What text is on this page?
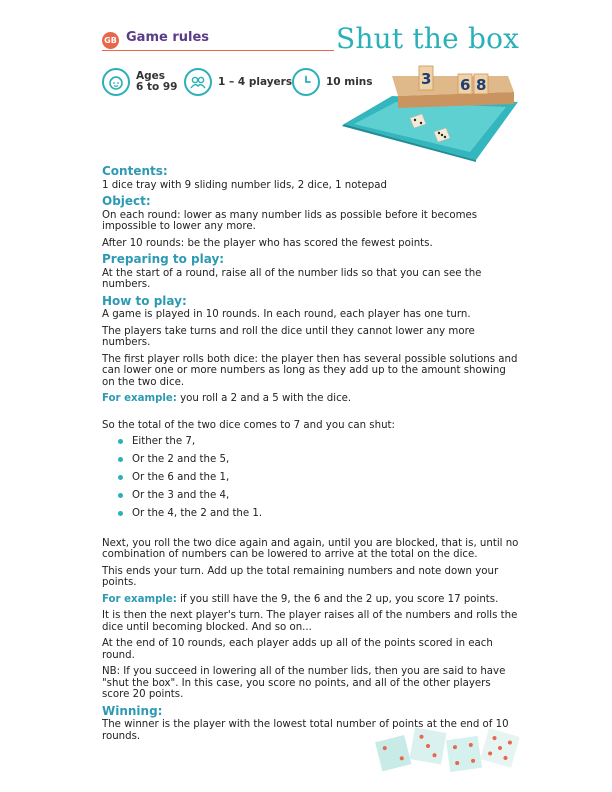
GB Game rules	Shut the box
Ages
6 to 99	1 – 4 players	10 mins	3 6 8
Contents:

1 dice tray with 9 sliding number lids, 2 dice, 1 notepad

Object:

On each round: lower as many number lids as possible before it becomes impossible to lower any more.

After 10 rounds: be the player who has scored the fewest points.

Preparing to play:

At the start of a round, raise all of the number lids so that you can see the numbers.

How to play:

A game is played in 10 rounds. In each round, each player has one turn.

The players take turns and roll the dice until they cannot lower any more numbers.

The first player rolls both dice: the player then has several possible solutions and can lower one or more numbers as long as they add up to the amount showing on the two dice.

For example: you roll a 2 and a 5 with the dice.

So the total of the two dice comes to 7 and you can shut:

Either the 7,
Or the 2 and the 5,
Or the 6 and the 1,
Or the 3 and the 4,
Or the 4, the 2 and the 1.

Next, you roll the two dice again and again, until you are blocked, that is, until no combination of numbers can be lowered to arrive at the total on the dice.

This ends your turn. Add up the total remaining numbers and note down your points.

For example: if you still have the 9, the 6 and the 2 up, you score 17 points.

It is then the next player's turn. The player raises all of the numbers and rolls the dice until becoming blocked. And so on...

At the end of 10 rounds, each player adds up all of the points scored in each round.

NB: If you succeed in lowering all of the number lids, then you are said to have "shut the box". In this case, you score no points, and all of the other players score 20 points.

Winning:

The winner is the player with the lowest total number of points at the end of 10 rounds.
